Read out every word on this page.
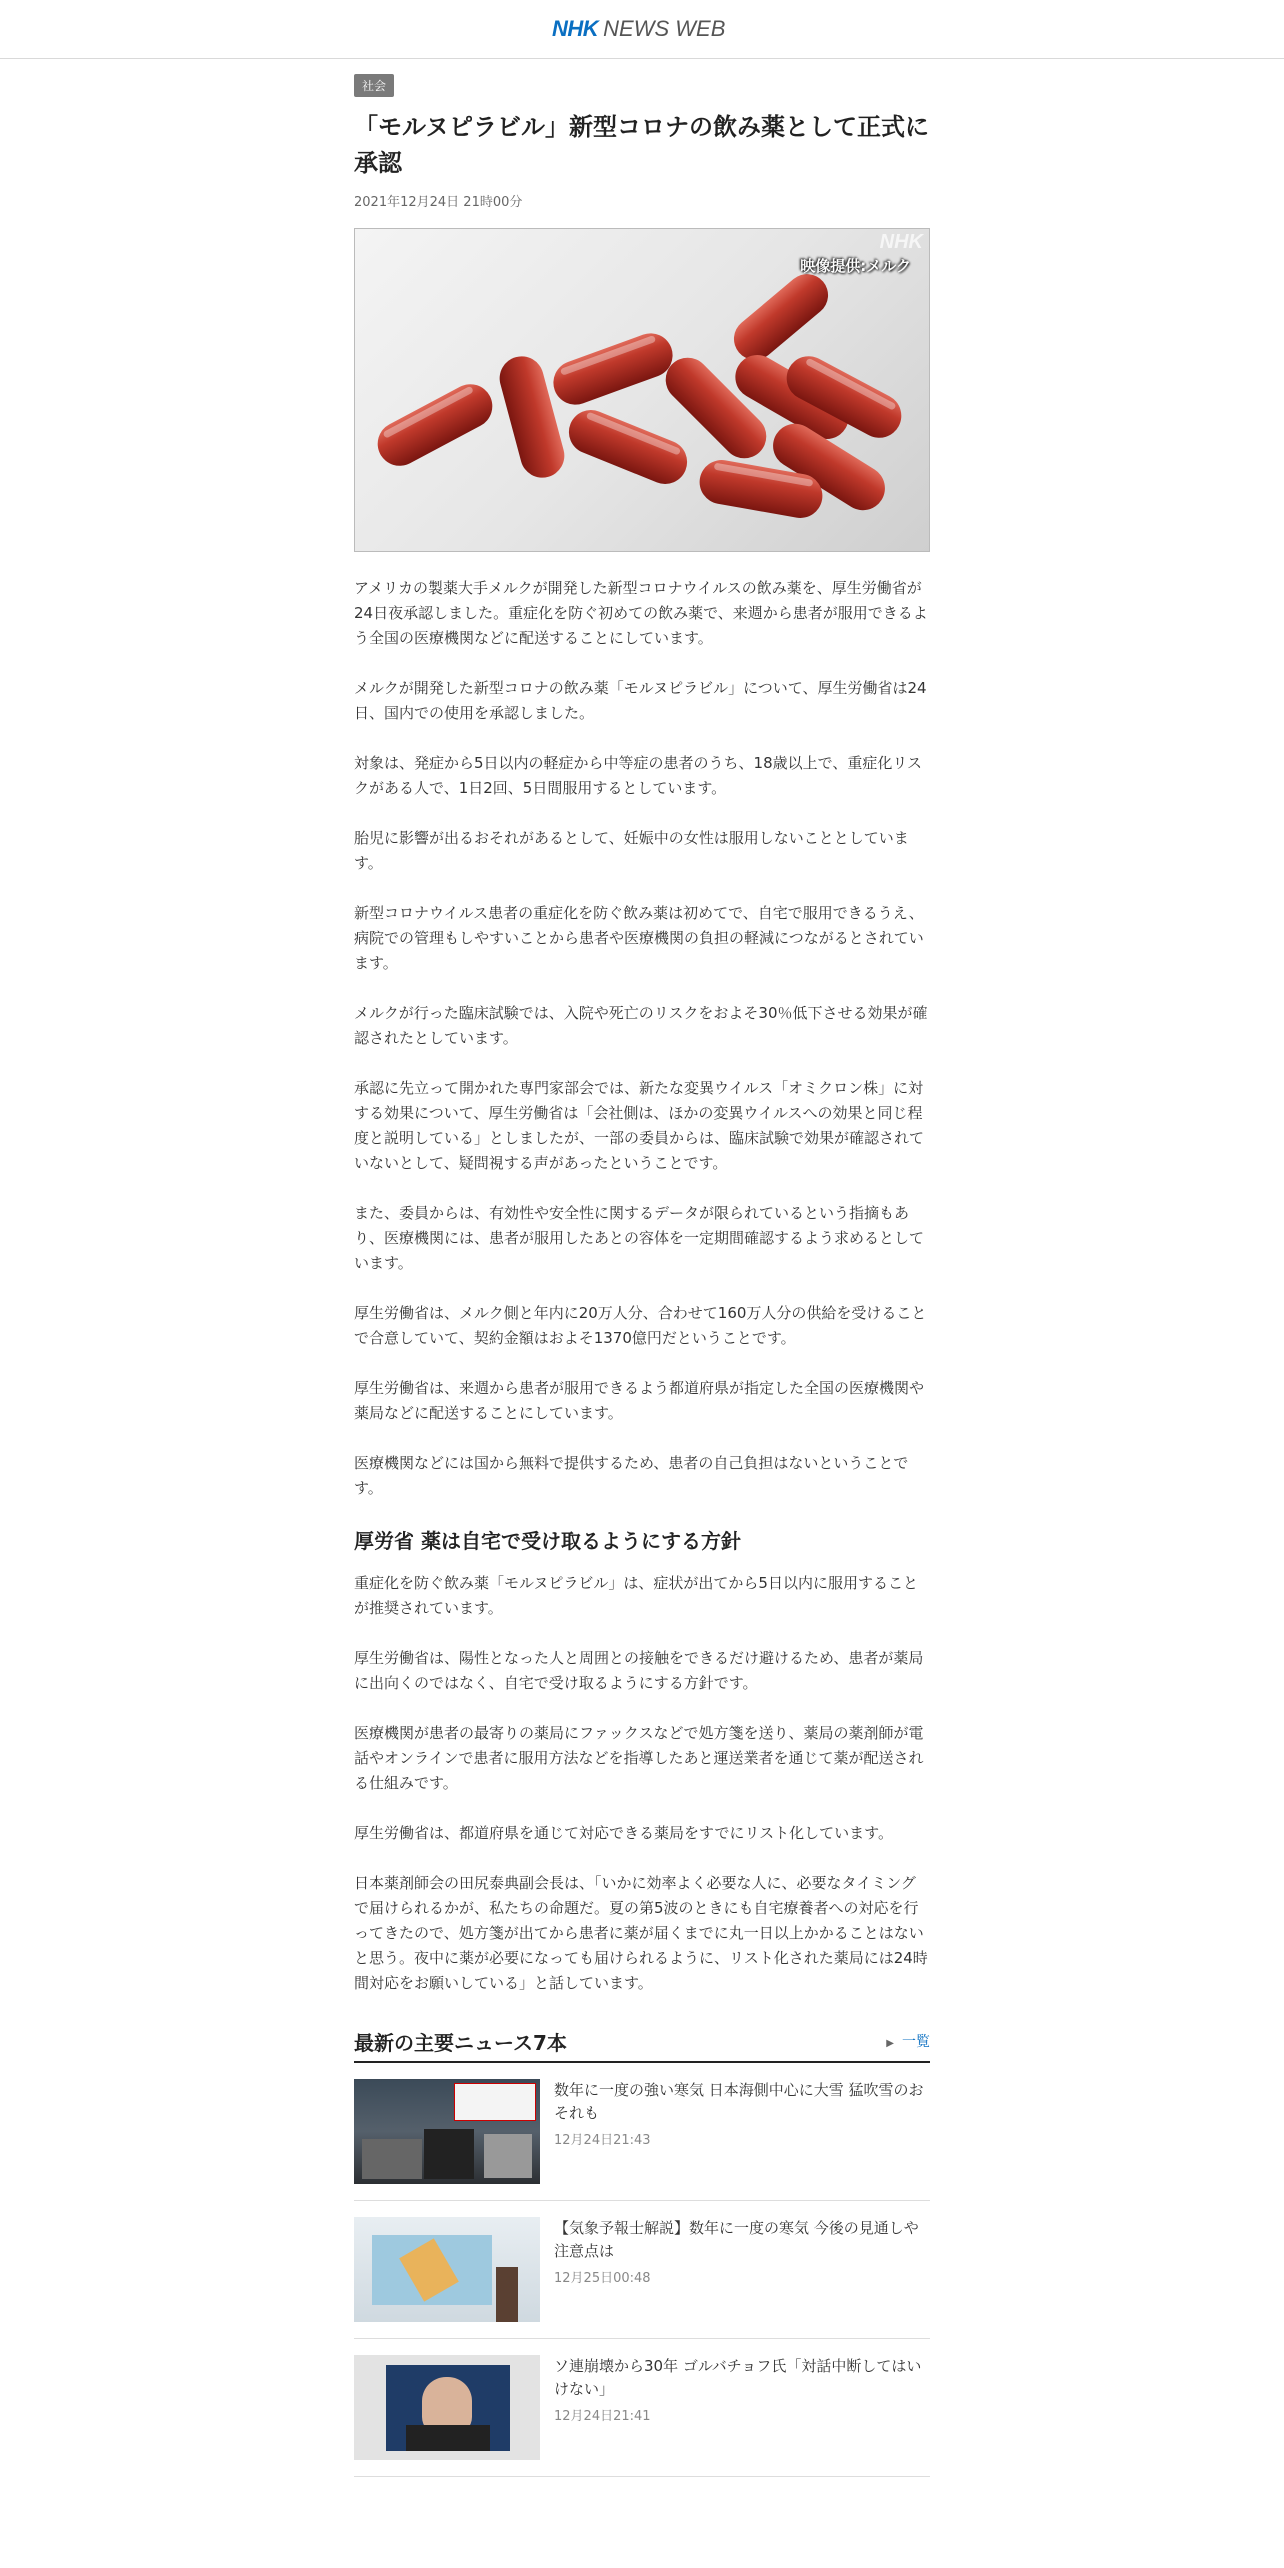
NHK NEWS WEB
社会
「モルヌピラビル」新型コロナの飲み薬として正式に承認
2021年12月24日 21時00分
NHK
映像提供:メルク

アメリカの製薬大手メルクが開発した新型コロナウイルスの飲み薬を、厚生労働省が24日夜承認しました。重症化を防ぐ初めての飲み薬で、来週から患者が服用できるよう全国の医療機関などに配送することにしています。

メルクが開発した新型コロナの飲み薬「モルヌピラビル」について、厚生労働省は24日、国内での使用を承認しました。

対象は、発症から5日以内の軽症から中等症の患者のうち、18歳以上で、重症化リスクがある人で、1日2回、5日間服用するとしています。

胎児に影響が出るおそれがあるとして、妊娠中の女性は服用しないこととしています。

新型コロナウイルス患者の重症化を防ぐ飲み薬は初めてで、自宅で服用できるうえ、病院での管理もしやすいことから患者や医療機関の負担の軽減につながるとされています。

メルクが行った臨床試験では、入院や死亡のリスクをおよそ30％低下させる効果が確認されたとしています。

承認に先立って開かれた専門家部会では、新たな変異ウイルス「オミクロン株」に対する効果について、厚生労働省は「会社側は、ほかの変異ウイルスへの効果と同じ程度と説明している」としましたが、一部の委員からは、臨床試験で効果が確認されていないとして、疑問視する声があったということです。

また、委員からは、有効性や安全性に関するデータが限られているという指摘もあり、医療機関には、患者が服用したあとの容体を一定期間確認するよう求めるとしています。

厚生労働省は、メルク側と年内に20万人分、合わせて160万人分の供給を受けることで合意していて、契約金額はおよそ1370億円だということです。

厚生労働省は、来週から患者が服用できるよう都道府県が指定した全国の医療機関や薬局などに配送することにしています。

医療機関などには国から無料で提供するため、患者の自己負担はないということです。

厚労省 薬は自宅で受け取るようにする方針

重症化を防ぐ飲み薬「モルヌピラビル」は、症状が出てから5日以内に服用することが推奨されています。

厚生労働省は、陽性となった人と周囲との接触をできるだけ避けるため、患者が薬局に出向くのではなく、自宅で受け取るようにする方針です。

医療機関が患者の最寄りの薬局にファックスなどで処方箋を送り、薬局の薬剤師が電話やオンラインで患者に服用方法などを指導したあと運送業者を通じて薬が配送される仕組みです。

厚生労働省は、都道府県を通じて対応できる薬局をすでにリスト化しています。

日本薬剤師会の田尻泰典副会長は、「いかに効率よく必要な人に、必要なタイミングで届けられるかが、私たちの命題だ。夏の第5波のときにも自宅療養者への対応を行ってきたので、処方箋が出てから患者に薬が届くまでに丸一日以上かかることはないと思う。夜中に薬が必要になっても届けられるように、リスト化された薬局には24時間対応をお願いしている」と話しています。

最新の主要ニュース7本	▶ 一覧
数年に一度の強い寒気 日本海側中心に大雪 猛吹雪のおそれも
12月24日21:43
【気象予報士解説】数年に一度の寒気 今後の見通しや注意点は
12月25日00:48
ソ連崩壊から30年 ゴルバチョフ氏「対話中断してはいけない」
12月24日21:41
